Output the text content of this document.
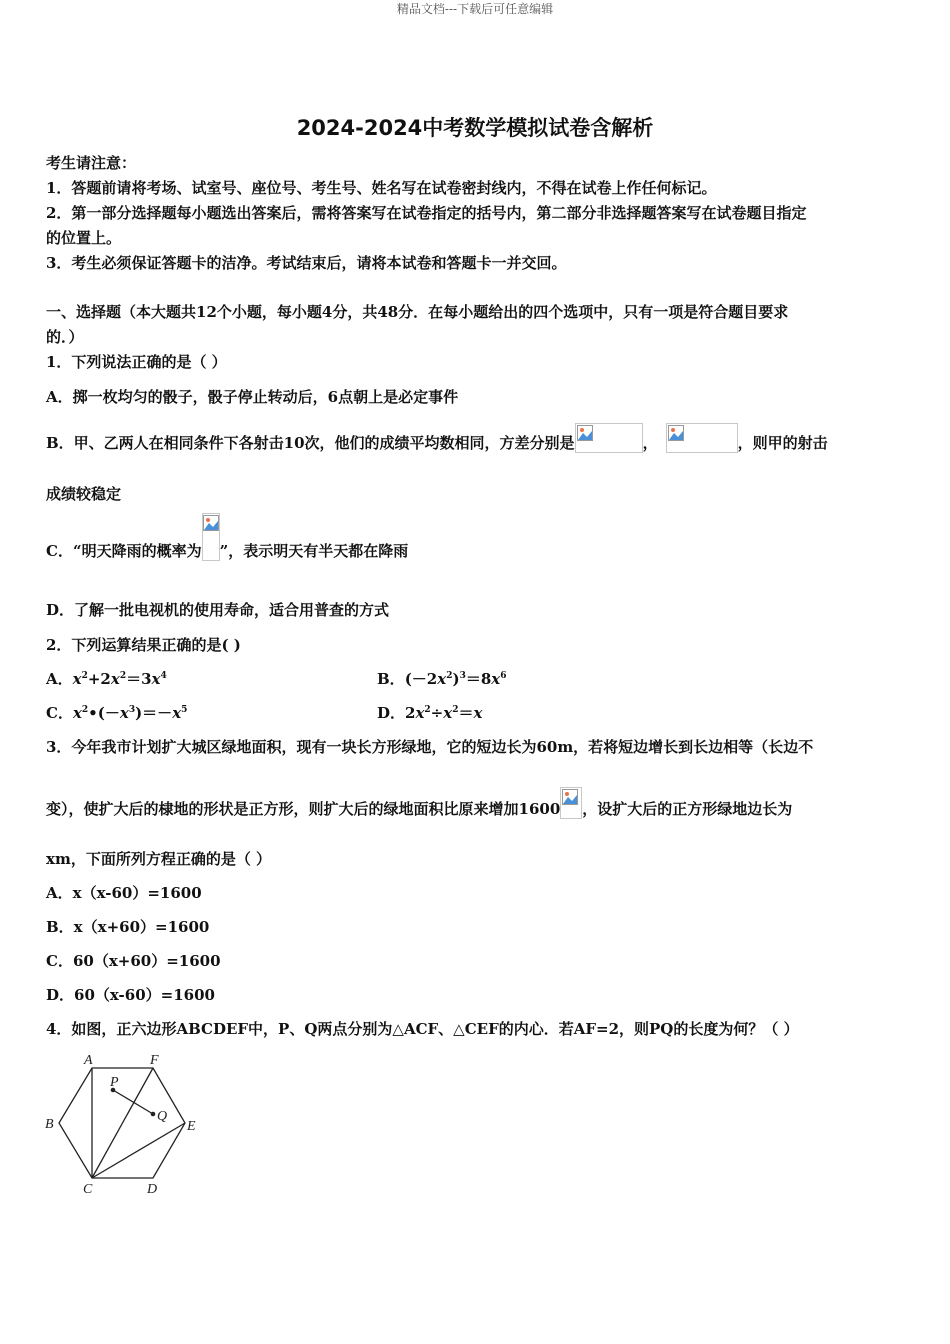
精品文档---下载后可任意编辑
2024-2024中考数学模拟试卷含解析
考生请注意：
1．答题前请将考场、试室号、座位号、考生号、姓名写在试卷密封线内，不得在试卷上作任何标记。
2．第一部分选择题每小题选出答案后，需将答案写在试卷指定的括号内，第二部分非选择题答案写在试卷题目指定
的位置上。
3．考生必须保证答题卡的洁净。考试结束后，请将本试卷和答题卡一并交回。
一、选择题（本大题共12个小题，每小题4分，共48分．在每小题给出的四个选项中，只有一项是符合题目要求
的．）
1．下列说法正确的是（ ）
A．掷一枚均匀的骰子，骰子停止转动后，6点朝上是必定事件
B．甲、乙两人在相同条件下各射击10次，他们的成绩平均数相同，方差分别是	，	，则甲的射击
成绩较稳定
C．“明天降雨的概率为 ”，表示明天有半天都在降雨
D．了解一批电视机的使用寿命，适合用普查的方式
2．下列运算结果正确的是( )
A．$x^2+2x^2=3x^4$	B．$(-2x^2)^3=8x^6$
C．$x^2•(-x^3)=-x^5$	D．$2x^2\div x^2=x$
3．今年我市计划扩大城区绿地面积，现有一块长方形绿地，它的短边长为60m，若将短边增长到长边相等（长边不
变），使扩大后的棣地的形状是正方形，则扩大后的绿地面积比原来增加1600 ，设扩大后的正方形绿地边长为
xm，下面所列方程正确的是（ ）
A．x（x-60）=1600
B．x（x+60）=1600
C．60（x+60）=1600
D．60（x-60）=1600
4．如图，正六边形ABCDEF中，P、Q两点分别为△ACF、△CEF的内心．若AF=2，则PQ的长度为何？（ ）
A	F
P
Q
B	E
C	D
